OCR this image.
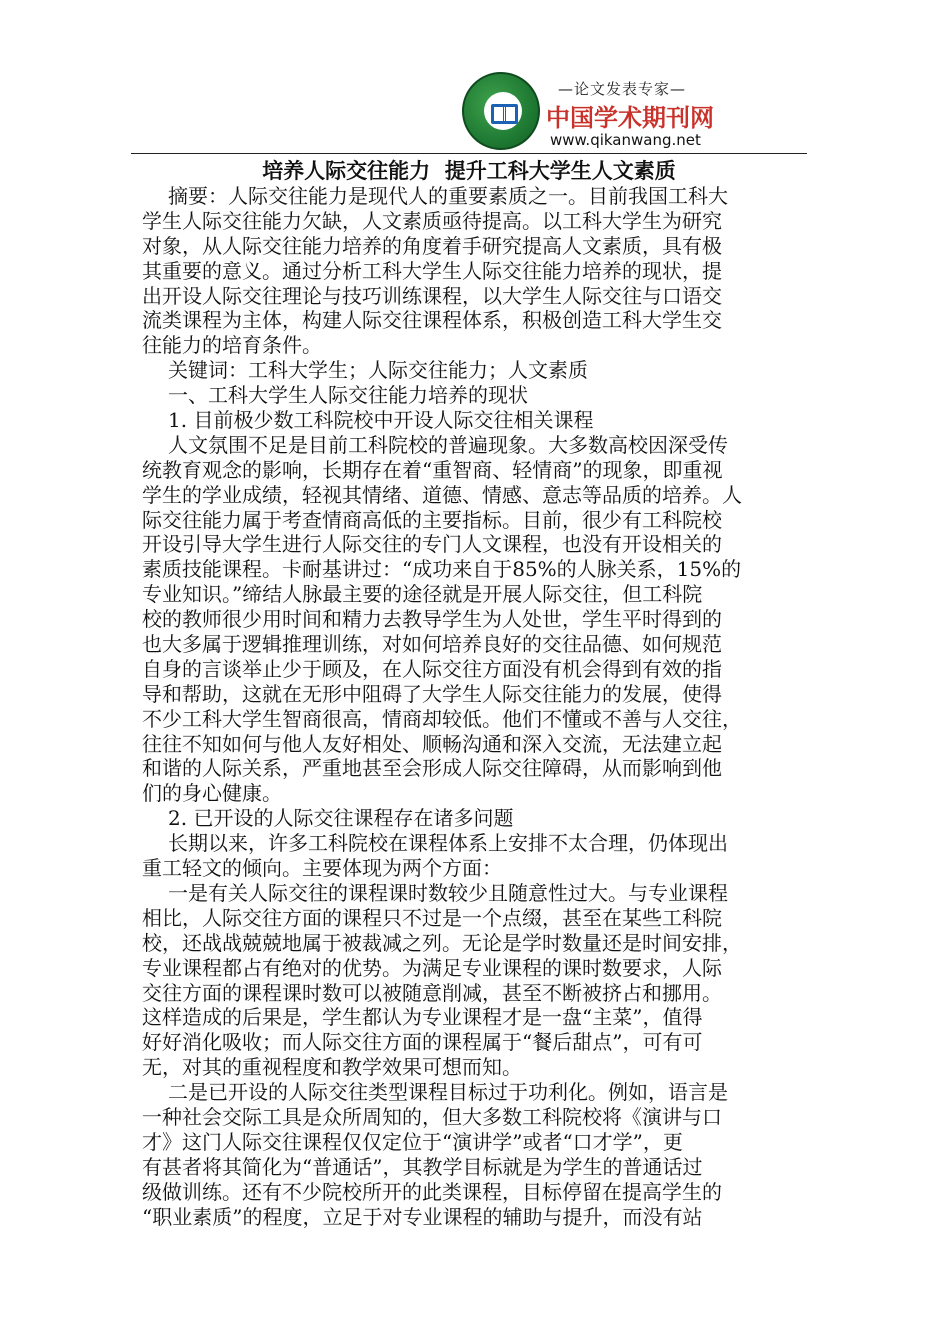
—论文发表专家—
中国学术期刊网
www.qikanwang.net
培养人际交往能力  提升工科大学生人文素质
摘要：人际交往能力是现代人的重要素质之一。目前我国工科大
学生人际交往能力欠缺，人文素质亟待提高。以工科大学生为研究
对象，从人际交往能力培养的角度着手研究提高人文素质，具有极
其重要的意义。通过分析工科大学生人际交往能力培养的现状，提
出开设人际交往理论与技巧训练课程，以大学生人际交往与口语交
流类课程为主体，构建人际交往课程体系，积极创造工科大学生交
往能力的培育条件。
关键词：工科大学生；人际交往能力；人文素质
一、工科大学生人际交往能力培养的现状
1. 目前极少数工科院校中开设人际交往相关课程
人文氛围不足是目前工科院校的普遍现象。大多数高校因深受传
统教育观念的影响，长期存在着“重智商、轻情商”的现象，即重视
学生的学业成绩，轻视其情绪、道德、情感、意志等品质的培养。人
际交往能力属于考查情商高低的主要指标。目前，很少有工科院校
开设引导大学生进行人际交往的专门人文课程，也没有开设相关的
素质技能课程。卡耐基讲过：“成功来自于85%的人脉关系，15%的
专业知识。”缔结人脉最主要的途径就是开展人际交往，但工科院
校的教师很少用时间和精力去教导学生为人处世，学生平时得到的
也大多属于逻辑推理训练，对如何培养良好的交往品德、如何规范
自身的言谈举止少于顾及，在人际交往方面没有机会得到有效的指
导和帮助，这就在无形中阻碍了大学生人际交往能力的发展，使得
不少工科大学生智商很高，情商却较低。他们不懂或不善与人交往，
往往不知如何与他人友好相处、顺畅沟通和深入交流，无法建立起
和谐的人际关系，严重地甚至会形成人际交往障碍，从而影响到他
们的身心健康。
2. 已开设的人际交往课程存在诸多问题
长期以来，许多工科院校在课程体系上安排不太合理，仍体现出
重工轻文的倾向。主要体现为两个方面：
一是有关人际交往的课程课时数较少且随意性过大。与专业课程
相比，人际交往方面的课程只不过是一个点缀，甚至在某些工科院
校，还战战兢兢地属于被裁减之列。无论是学时数量还是时间安排，
专业课程都占有绝对的优势。为满足专业课程的课时数要求，人际
交往方面的课程课时数可以被随意削减，甚至不断被挤占和挪用。
这样造成的后果是，学生都认为专业课程才是一盘“主菜”，值得
好好消化吸收；而人际交往方面的课程属于“餐后甜点”，可有可
无，对其的重视程度和教学效果可想而知。
二是已开设的人际交往类型课程目标过于功利化。例如，语言是
一种社会交际工具是众所周知的，但大多数工科院校将《演讲与口
才》这门人际交往课程仅仅定位于“演讲学”或者“口才学”，更
有甚者将其简化为“普通话”，其教学目标就是为学生的普通话过
级做训练。还有不少院校所开的此类课程，目标停留在提高学生的
“职业素质”的程度，立足于对专业课程的辅助与提升，而没有站
